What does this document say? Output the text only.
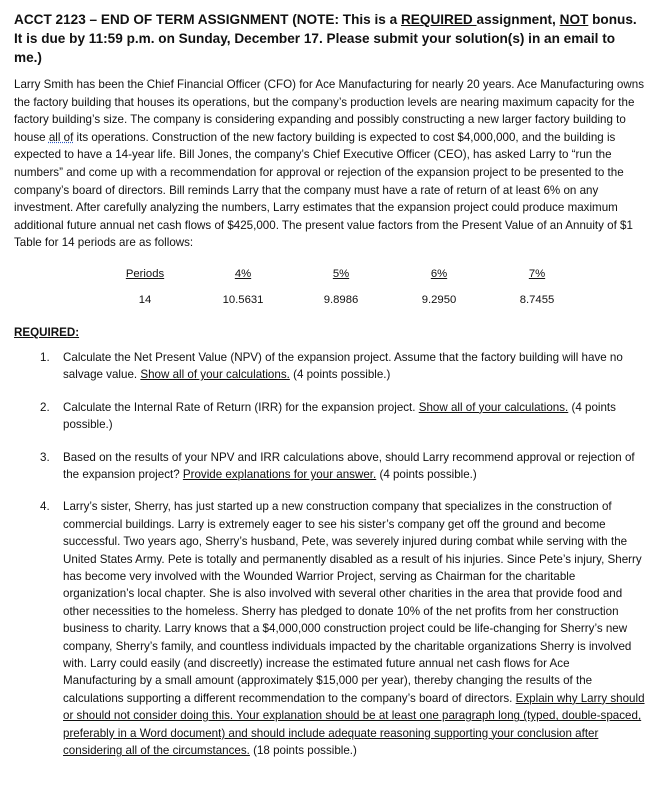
ACCT 2123 – END OF TERM ASSIGNMENT (NOTE: This is a REQUIRED assignment, NOT bonus. It is due by 11:59 p.m. on Sunday, December 17. Please submit your solution(s) in an email to me.)
Larry Smith has been the Chief Financial Officer (CFO) for Ace Manufacturing for nearly 20 years. Ace Manufacturing owns the factory building that houses its operations, but the company’s production levels are nearing maximum capacity for the factory building’s size. The company is considering expanding and possibly constructing a new larger factory building to house all of its operations. Construction of the new factory building is expected to cost $4,000,000, and the building is expected to have a 14-year life. Bill Jones, the company’s Chief Executive Officer (CEO), has asked Larry to “run the numbers” and come up with a recommendation for approval or rejection of the expansion project to be presented to the company’s board of directors. Bill reminds Larry that the company must have a rate of return of at least 6% on any investment. After carefully analyzing the numbers, Larry estimates that the expansion project could produce maximum additional future annual net cash flows of $425,000. The present value factors from the Present Value of an Annuity of $1 Table for 14 periods are as follows:
Periods	4%	5%	6%	7%
14	10.5631	9.8986	9.2950	8.7455
REQUIRED:
1. Calculate the Net Present Value (NPV) of the expansion project. Assume that the factory building will have no salvage value. Show all of your calculations. (4 points possible.)
2. Calculate the Internal Rate of Return (IRR) for the expansion project. Show all of your calculations. (4 points possible.)
3. Based on the results of your NPV and IRR calculations above, should Larry recommend approval or rejection of the expansion project? Provide explanations for your answer. (4 points possible.)
4. Larry’s sister, Sherry, has just started up a new construction company that specializes in the construction of commercial buildings. Larry is extremely eager to see his sister’s company get off the ground and become successful. Two years ago, Sherry’s husband, Pete, was severely injured during combat while serving with the United States Army. Pete is totally and permanently disabled as a result of his injuries. Since Pete’s injury, Sherry has become very involved with the Wounded Warrior Project, serving as Chairman for the charitable organization’s local chapter. She is also involved with several other charities in the area that provide food and other necessities to the homeless. Sherry has pledged to donate 10% of the net profits from her construction business to charity. Larry knows that a $4,000,000 construction project could be life-changing for Sherry’s new company, Sherry’s family, and countless individuals impacted by the charitable organizations Sherry is involved with. Larry could easily (and discreetly) increase the estimated future annual net cash flows for Ace Manufacturing by a small amount (approximately $15,000 per year), thereby changing the results of the calculations supporting a different recommendation to the company’s board of directors. Explain why Larry should or should not consider doing this. Your explanation should be at least one paragraph long (typed, double-spaced, preferably in a Word document) and should include adequate reasoning supporting your conclusion after considering all of the circumstances. (18 points possible.)
